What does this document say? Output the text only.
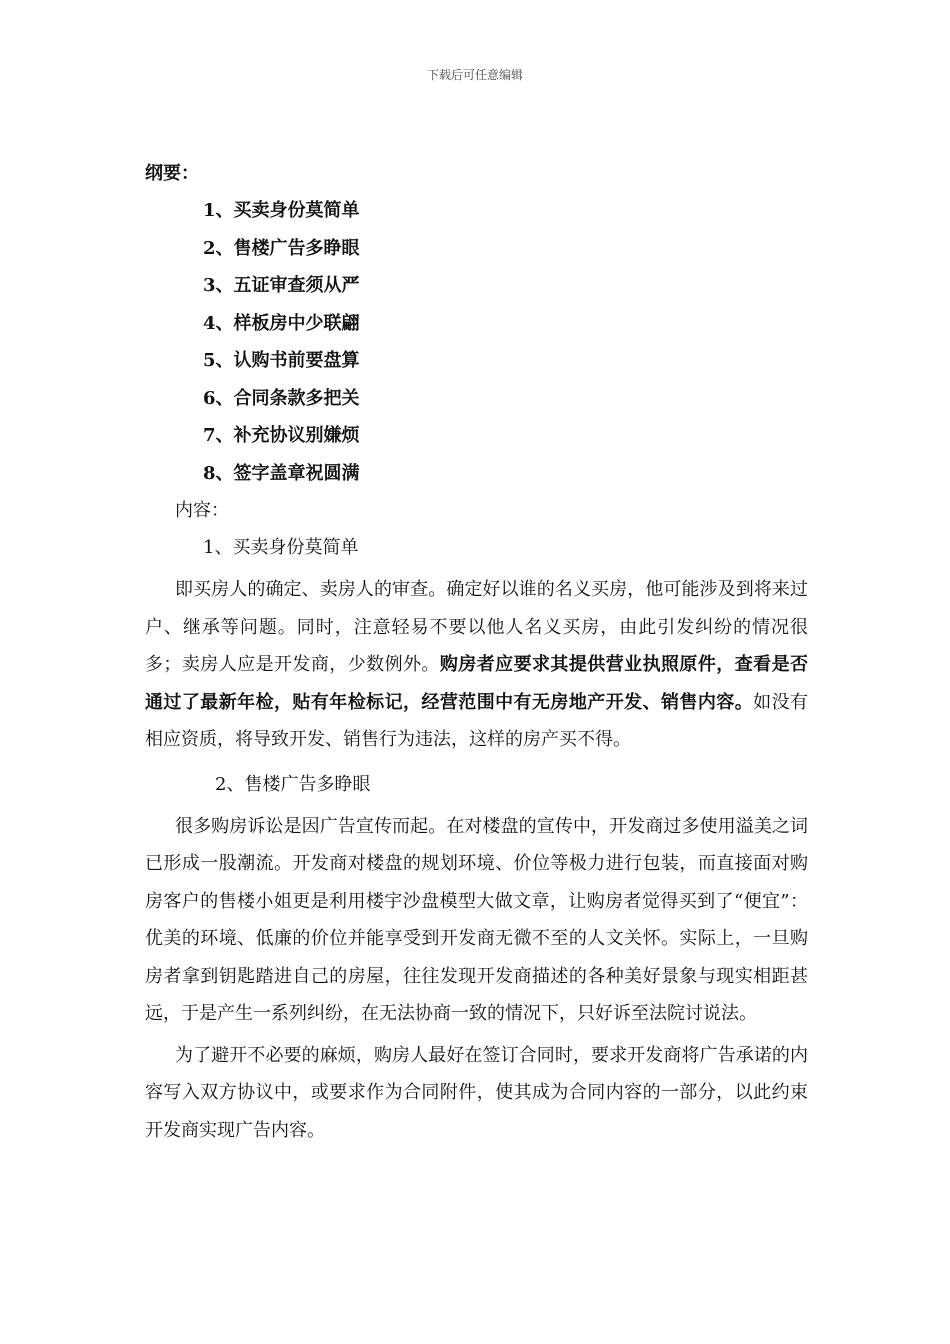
下载后可任意编辑
纲要：
1、买卖身份莫简单
2、售楼广告多睁眼
3、五证审查须从严
4、样板房中少联翩
5、认购书前要盘算
6、合同条款多把关
7、补充协议别嫌烦
8、签字盖章祝圆满
内容：
1、买卖身份莫简单

即买房人的确定、卖房人的审查。确定好以谁的名义买房，他可能涉及到将来过户、继承等问题。同时，注意轻易不要以他人名义买房，由此引发纠纷的情况很多；卖房人应是开发商，少数例外。购房者应要求其提供营业执照原件，查看是否通过了最新年检，贴有年检标记，经营范围中有无房地产开发、销售内容。如没有相应资质，将导致开发、销售行为违法，这样的房产买不得。

2、售楼广告多睁眼

很多购房诉讼是因广告宣传而起。在对楼盘的宣传中，开发商过多使用溢美之词已形成一股潮流。开发商对楼盘的规划环境、价位等极力进行包装，而直接面对购房客户的售楼小姐更是利用楼宇沙盘模型大做文章，让购房者觉得买到了“便宜”：优美的环境、低廉的价位并能享受到开发商无微不至的人文关怀。实际上，一旦购房者拿到钥匙踏进自己的房屋，往往发现开发商描述的各种美好景象与现实相距甚远，于是产生一系列纠纷，在无法协商一致的情况下，只好诉至法院讨说法。

为了避开不必要的麻烦，购房人最好在签订合同时，要求开发商将广告承诺的内容写入双方协议中，或要求作为合同附件，使其成为合同内容的一部分，以此约束开发商实现广告内容。
